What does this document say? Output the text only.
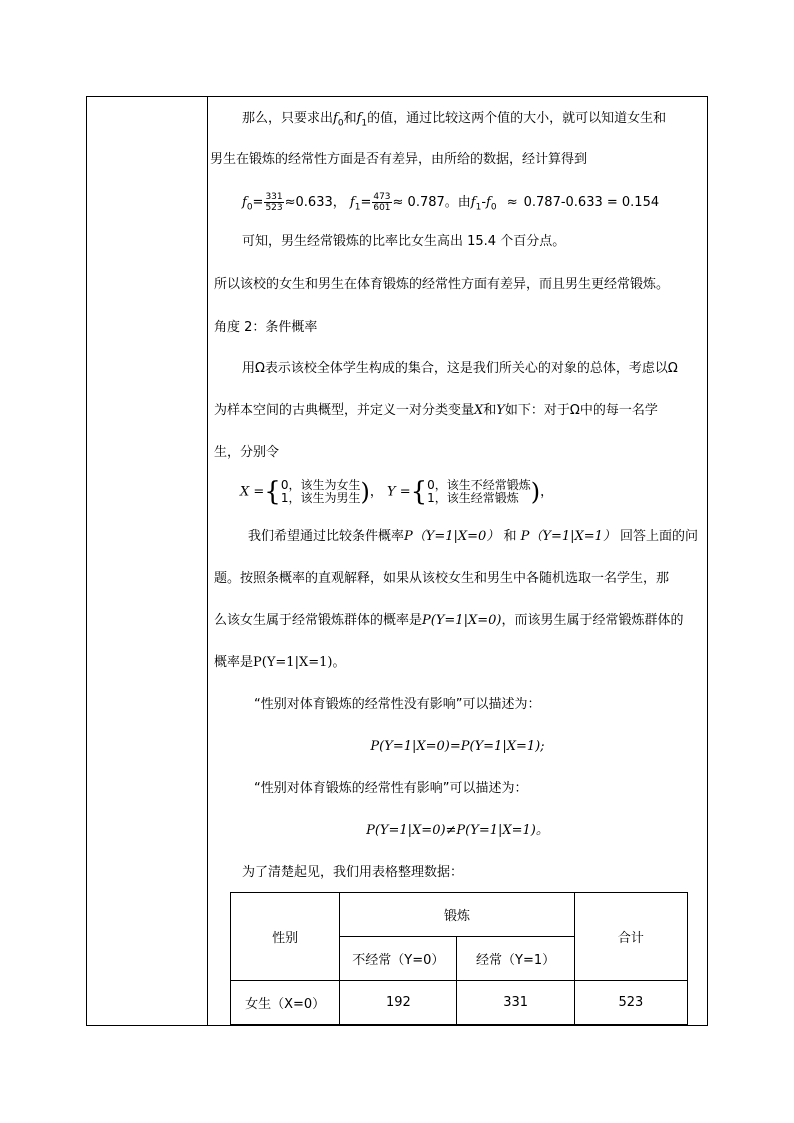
那么，只要求出$f_0$和$f_1$的值，通过比较这两个值的大小，就可以知道女生和
男生在锻炼的经常性方面是否有差异，由所给的数据，经计算得到
$f_0= \frac{331}{523} \approx 0.633$， $f_1= \frac{473}{601} \approx 0.787$。由$f_1-f_0 \approx 0.787-0.633 = 0.154$
可知，男生经常锻炼的比率比女生高出 15.4 个百分点。
所以该校的女生和男生在体育锻炼的经常性方面有差异，而且男生更经常锻炼。
角度 2：条件概率
用Ω表示该校全体学生构成的集合，这是我们所关心的对象的总体，考虑以Ω
为样本空间的古典概型，并定义一对分类变量X和Y如下：对于Ω中的每一名学
生，分别令
X ={ 0，该生为女生
1，该生为男生 )， Y ={ 0，该生不经常锻炼
1，该生经常锻炼 )，
我们希望通过比较条件概率P（Y=1|X=0） 和 P（Y=1|X=1） 回答上面的问
题。按照条概率的直观解释，如果从该校女生和男生中各随机选取一名学生，那
么该女生属于经常锻炼群体的概率是P(Y=1|X=0)，而该男生属于经常锻炼群体的
概率是P(Y=1|X=1)。
“性别对体育锻炼的经常性没有影响”可以描述为：
P(Y=1|X=0)=P(Y=1|X=1);
“性别对体育锻炼的经常性有影响”可以描述为：
P(Y=1|X=0)≠P(Y=1|X=1)。
为了清楚起见，我们用表格整理数据：
性别	锻炼		合计
	不经常（Y=0）	经常（Y=1）	
女生（X=0）	192	331	523
